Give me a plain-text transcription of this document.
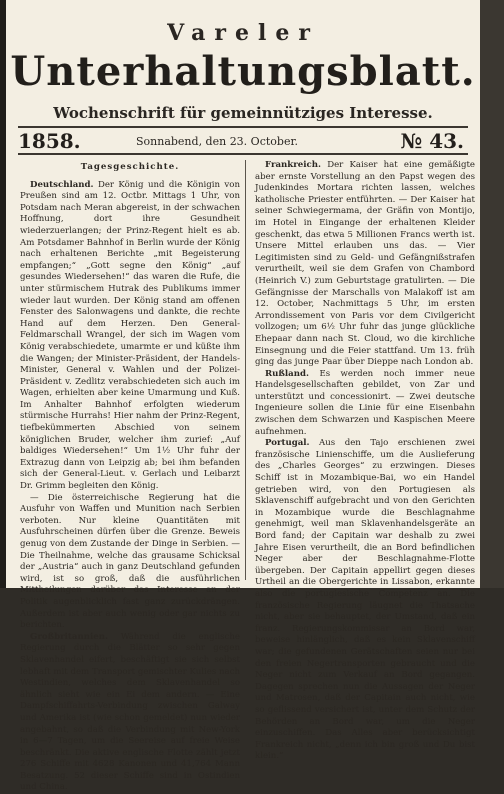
Vareler
Unterhaltungsblatt.
Wochenschrift für gemeinnütziges Interesse.
1858.	Sonnabend, den 23. October.	№ 43.

Tagesgeschichte.

Deutschland. Der König und die Königin von Preußen sind am 12. Octbr. Mittags 1 Uhr, von Potsdam nach Meran abgereist, in der schwachen Hoffnung, dort ihre Gesundheit wiederzuerlangen; der Prinz-Regent hielt es ab. Am Potsdamer Bahnhof in Berlin wurde der König nach erhaltenen Berichte „mit Begeisterung empfangen;“ „Gott segne den König“ „auf gesundes Wiedersehen!“ das waren die Rufe, die unter stürmischem Hutrak des Publikums immer wieder laut wurden. Der König stand am offenen Fenster des Salonwagens und dankte, die rechte Hand auf dem Herzen. Den General-Feldmarschall Wrangel, der sich im Wagen vom König verabschiedete, umarmte er und küßte ihm die Wangen; der Minister-Präsident, der Handels-Minister, General v. Wahlen und der Polizei-Präsident v. Zedlitz verabschiedeten sich auch im Wagen, erhielten aber keine Umarmung und Kuß. Im Anhalter Bahnhof erfolgten wiederum stürmische Hurrahs! Hier nahm der Prinz-Regent, tiefbekümmerten Abschied von seinem königlichen Bruder, welcher ihm zurief: „Auf baldiges Wiedersehen!“ Um 1½ Uhr fuhr der Extrazug dann von Leipzig ab; bei ihm befanden sich der General-Lieut. v. Gerlach und Leibarzt Dr. Grimm begleiten den König.

— Die österreichische Regierung hat die Ausfuhr von Waffen und Munition nach Serbien verboten. Nur kleine Quantitäten mit Ausfuhrscheinen dürfen über die Grenze. Beweis genug von dem Zustande der Dinge in Serbien. — Die Theilnahme, welche das grausame Schicksal der „Austria“ auch in ganz Deutschland gefunden wird, ist so groß, daß die ausführlichen Mittheilungen darüber das Interesse an der Politik augenblicklich fast ganz zurückdrängen. Außerdem ist aber auch wenig oder gar nichts zu berichten.

Großbritannien. Während die englische Regierung durch die Blätter so sehr gegen Sklavenhandel eifert, beschäftigt sie sich selbst lebhaft mit dem Transport gemischter Kulies nach Westindien, welches dem Sklavenhandel so ähnlich sieht wie ein Ei dem andern. — Eine Dampfschiffahrts-Verbindung zwischen Galway und Amerika ist (wie schon gemeldet) nun wieder angebahnt, so daß die Verbindung mit New-York in 6—7 Tagen, um die Seereise auf freie Weise beschränkt. Die aktive englische Flotte zählt jetzt 276 Schiffe mit 4628 Kanonen und 41,764 Mann Besatzung. 52 dieser Schiffe sind in Ostindien und China.

Frankreich. Der Kaiser hat eine gemäßigte aber ernste Vorstellung an den Papst wegen des Judenkindes Mortara richten lassen, welches katholische Priester entführten. — Der Kaiser hat seiner Schwiegermama, der Gräfin von Montijo, im Hotel in Eingange der erhaltenen Kleider geschenkt, das etwa 5 Millionen Francs werth ist. Unsere Mittel erlauben uns das. — Vier Legitimisten sind zu Geld- und Gefängnißstrafen verurtheilt, weil sie dem Grafen von Chambord (Heinrich V.) zum Geburtstage gratulirten. — Die Gefängnisse der Marschalls von Malakoff ist am 12. October, Nachmittags 5 Uhr, im ersten Arrondissement von Paris vor dem Civilgericht vollzogen; um 6½ Uhr fuhr das junge glückliche Ehepaar dann nach St. Cloud, wo die kirchliche Einsegnung und die Feier stattfand. Um 13. früh ging das junge Paar über Dieppe nach London ab.

Rußland. Es werden noch immer neue Handelsgesellschaften gebildet, von Zar und unterstützt und concessionirt. — Zwei deutsche Ingenieure sollen die Linie für eine Eisenbahn zwischen dem Schwarzen und Kaspischen Meere aufnehmen.

Portugal. Aus den Tajo erschienen zwei französische Linienschiffe, um die Auslieferung des „Charles Georges“ zu erzwingen. Dieses Schiff ist in Mozambique-Bai, wo ein Handel getrieben wird, von den Portugiesen als Sklavenschiff aufgebracht und von den Gerichten in Mozambique wurde die Beschlagnahme genehmigt, weil man Sklavenhandelsgeräte an Bord fand; der Capitain war deshalb zu zwei Jahre Eisen verurtheilt, die an Bord befindlichen Neger aber der Beschlagnahme-Flotte übergeben. Der Capitain appellirt gegen dieses Urtheil an die Obergerichte in Lissabon, erkannte also die portugiesische Competenz an. Die französische Regierung läugnet die Thatsache nicht, aber sie behauptet, der Umstand, daß ein franz. Regierungskommissar an Bord war, beweise hinlänglich, daß es kein Sklavenschiff war; die gefundenen Gerätschaften seien nur bei den freien Negertransporten gebraucht und die Neger nicht zum Verkauf an Bord gegangen. Dagegen sprechen nun die Aussagen der Neger und Matrosen, daß der Capitain auch nicht, wie so geflissend versichert ist, unter dem Schutz der Behörden an Bord war, um die Neger einzuschiffen. Das Alles aber berücksichtigt Frankreich nicht, „denn ich bin groß und Du bist klein.“
